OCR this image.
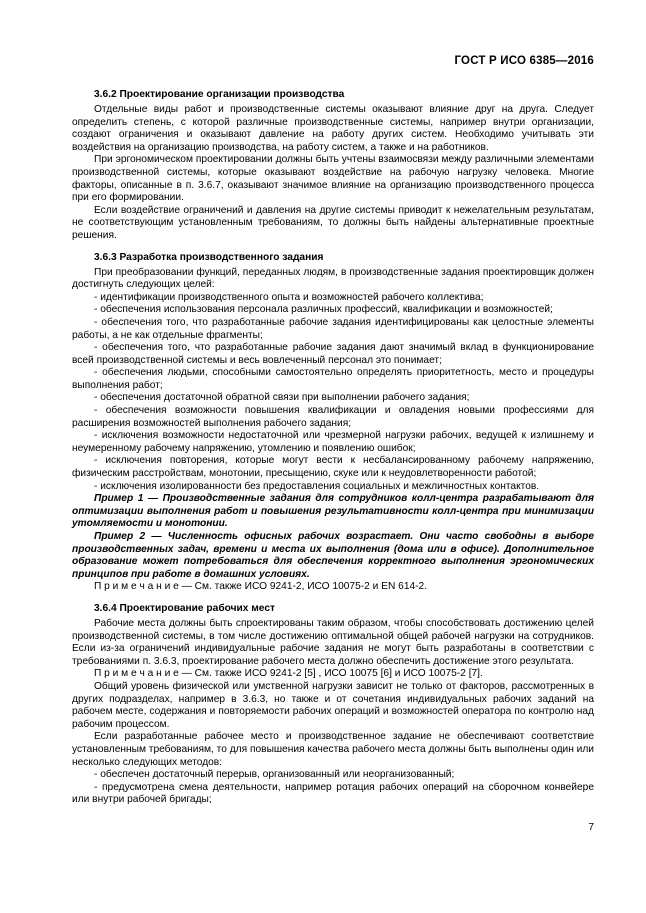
ГОСТ Р ИСО 6385—2016
3.6.2 Проектирование организации производства

Отдельные виды работ и производственные системы оказывают влияние друг на друга. Следует определить степень, с которой различные производственные системы, например внутри организации, создают ограничения и оказывают давление на работу других систем. Необходимо учитывать эти воздействия на организацию производства, на работу систем, а также и на работников.

При эргономическом проектировании должны быть учтены взаимосвязи между различными элементами производственной системы, которые оказывают воздействие на рабочую нагрузку человека. Многие факторы, описанные в п. 3.6.7, оказывают значимое влияние на организацию производственного процесса при его формировании.

Если воздействие ограничений и давления на другие системы приводит к нежелательным результатам, не соответствующим установленным требованиям, то должны быть найдены альтернативные проектные решения.

3.6.3 Разработка производственного задания

При преобразовании функций, переданных людям, в производственные задания проектировщик должен достигнуть следующих целей:

- идентификации производственного опыта и возможностей рабочего коллектива;

- обеспечения использования персонала различных профессий, квалификации и возможностей;

- обеспечения того, что разработанные рабочие задания идентифицированы как целостные элементы работы, а не как отдельные фрагменты;

- обеспечения того, что разработанные рабочие задания дают значимый вклад в функционирование всей производственной системы и весь вовлеченный персонал это понимает;

- обеспечения людьми, способными самостоятельно определять приоритетность, место и процедуры выполнения работ;

- обеспечения достаточной обратной связи при выполнении рабочего задания;

- обеспечения возможности повышения квалификации и овладения новыми профессиями для расширения возможностей выполнения рабочего задания;

- исключения возможности недостаточной или чрезмерной нагрузки рабочих, ведущей к излишнему и неумеренному рабочему напряжению, утомлению и появлению ошибок;

- исключения повторения, которые могут вести к несбалансированному рабочему напряжению, физическим расстройствам, монотонии, пресыщению, скуке или к неудовлетворенности работой;

- исключения изолированности без предоставления социальных и межличностных контактов.

Пример 1 — Производственные задания для сотрудников колл-центра разрабатывают для оптимизации выполнения работ и повышения результативности колл-центра при минимизации утомляемости и монотонии.

Пример 2 — Численность офисных рабочих возрастает. Они часто свободны в выборе производственных задач, времени и места их выполнения (дома или в офисе). Дополнительное образование может потребоваться для обеспечения корректного выполнения эргономических принципов при работе в домашних условиях.

П р и м е ч а н и е — См. также ИСО 9241-2, ИСО 10075-2 и EN 614-2.

3.6.4 Проектирование рабочих мест

Рабочие места должны быть спроектированы таким образом, чтобы способствовать достижению целей производственной системы, в том числе достижению оптимальной общей рабочей нагрузки на сотрудников. Если из-за ограничений индивидуальные рабочие задания не могут быть разработаны в соответствии с требованиями п. 3.6.3, проектирование рабочего места должно обеспечить достижение этого результата.

П р и м е ч а н и е — См. также ИСО 9241-2 [5] , ИСО 10075 [6] и ИСО 10075-2 [7].

Общий уровень физической или умственной нагрузки зависит не только от факторов, рассмотренных в других подразделах, например в 3.6.3, но также и от сочетания индивидуальных рабочих заданий на рабочем месте, содержания и повторяемости рабочих операций и возможностей оператора по контролю над рабочим процессом.

Если разработанные рабочее место и производственное задание не обеспечивают соответствие установленным требованиям, то для повышения качества рабочего места должны быть выполнены один или несколько следующих методов:

- обеспечен достаточный перерыв, организованный или неорганизованный;

- предусмотрена смена деятельности, например ротация рабочих операций на сборочном конвейере или внутри рабочей бригады;

7
